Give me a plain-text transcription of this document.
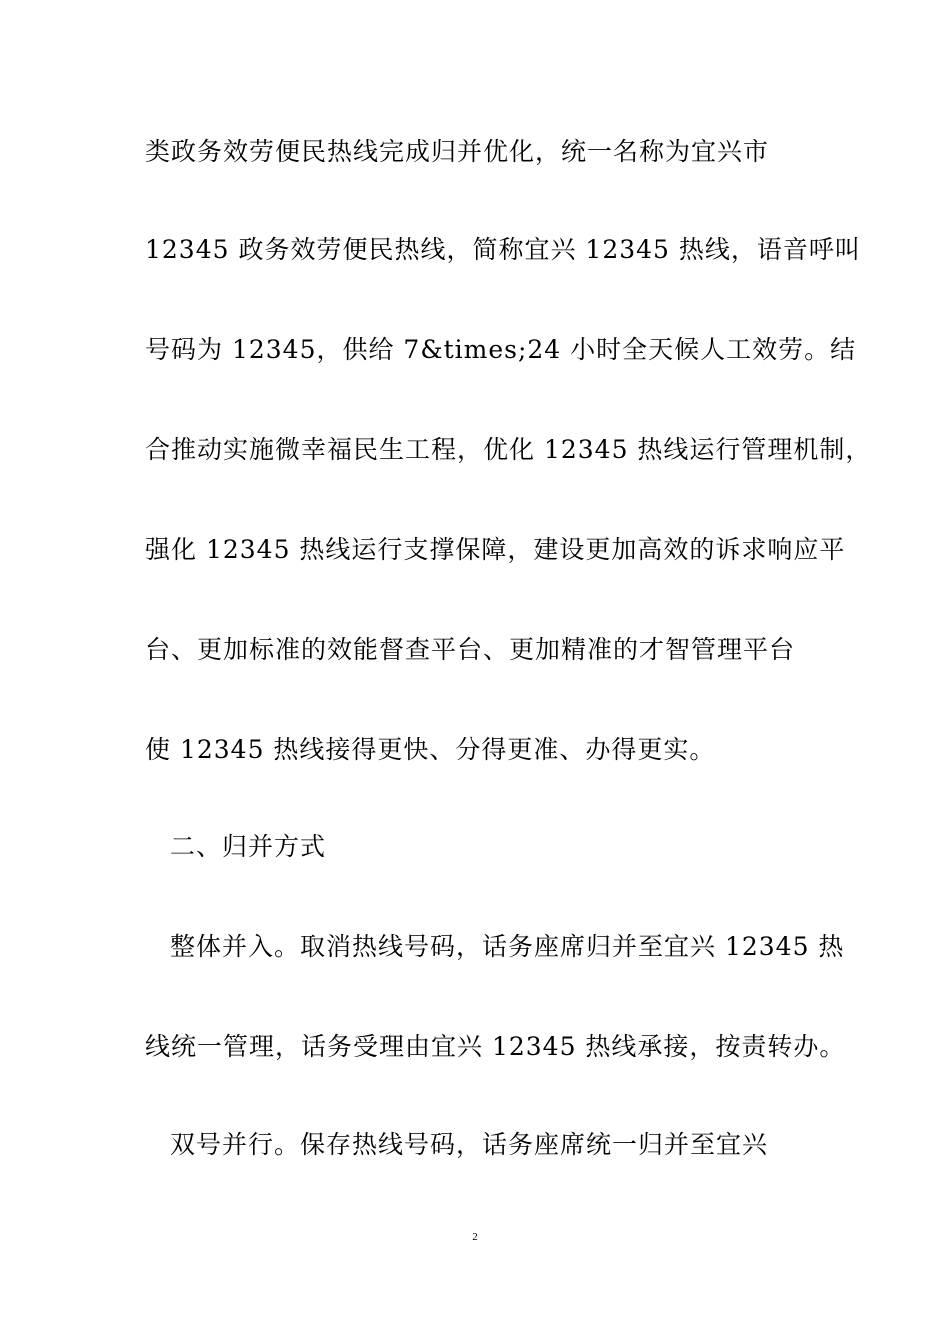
类政务效劳便民热线完成归并优化，统一名称为宜兴市
12345 政务效劳便民热线，简称宜兴 12345 热线，语音呼叫
号码为 12345，供给 7&times;24 小时全天候人工效劳。结
合推动实施微幸福民生工程，优化 12345 热线运行管理机制，
强化 12345 热线运行支撑保障，建设更加高效的诉求响应平
台、更加标准的效能督查平台、更加精准的才智管理平台
使 12345 热线接得更快、分得更准、办得更实。
二、归并方式
整体并入。取消热线号码，话务座席归并至宜兴 12345 热
线统一管理，话务受理由宜兴 12345 热线承接，按责转办。
双号并行。保存热线号码，话务座席统一归并至宜兴
2
